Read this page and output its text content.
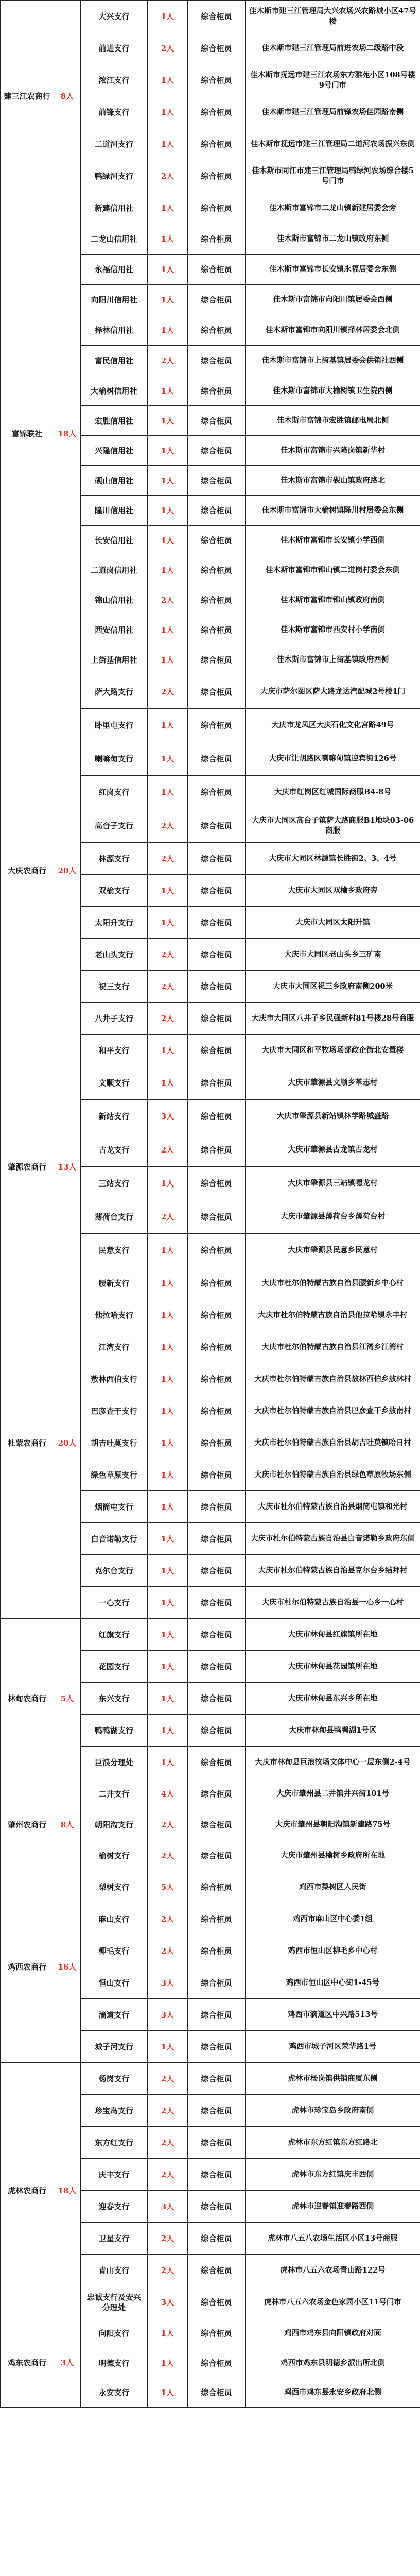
建三江农商行	8人	大兴支行	1人	综合柜员	佳木斯市建三江管理局大兴农场兴农路城小区47号楼
		前进支行	2人	综合柜员	佳木斯市建三江管理局前进农场二级路中段
		浓江支行	1人	综合柜员	佳木斯市抚远市建三江农场东方雅苑小区108号楼9号门市
		前锋支行	1人	综合柜员	佳木斯市建三江管理局前锋农场佳园路南侧
		二道河支行	1人	综合柜员	佳木斯市抚远市建三江管理局二道河农场振兴东侧
		鸭绿河支行	2人	综合柜员	佳木斯市同江市建三江管理局鸭绿河农场综合楼5号门市
富锦联社	18人	新建信用社	1人	综合柜员	佳木斯市富锦市二龙山镇新建居委会旁
		二龙山信用社	1人	综合柜员	佳木斯市富锦市二龙山镇政府东侧
		永福信用社	1人	综合柜员	佳木斯市富锦市长安镇永福居委会东侧
		向阳川信用社	1人	综合柜员	佳木斯市富锦市向阳川镇居委会西侧
		择林信用社	1人	综合柜员	佳木斯市富锦市向阳川镇择林居委会北侧
		富民信用社	2人	综合柜员	佳木斯市富锦市上街基镇居委会供销社西侧
		大榆树信用社	1人	综合柜员	佳木斯市富锦市大榆树镇卫生院西侧
		宏胜信用社	1人	综合柜员	佳木斯市富锦市宏胜镇邮电局北侧
		兴隆信用社	1人	综合柜员	佳木斯市富锦市兴隆岗镇新华村
		砚山信用社	1人	综合柜员	佳木斯市富锦市砚山镇政府路北
		隆川信用社	1人	综合柜员	佳木斯市富锦市大榆树镇隆川村居委会东侧
		长安信用社	1人	综合柜员	佳木斯市富锦市长安镇小学西侧
		二道岗信用社	1人	综合柜员	佳木斯市富锦市锦山镇二道岗村委会东侧
		锦山信用社	2人	综合柜员	佳木斯市富锦市锦山镇政府南侧
		西安信用社	1人	综合柜员	佳木斯市富锦市西安村小学南侧
		上街基信用社	1人	综合柜员	佳木斯市富锦市上街基镇政府西侧
大庆农商行	20人	萨大路支行	2人	综合柜员	大庆市萨尔图区萨大路龙达汽配城2号楼1门
		卧里屯支行	1人	综合柜员	大庆市龙凤区大庆石化文化宫路49号
		喇嘛甸支行	1人	综合柜员	大庆市让胡路区喇嘛甸镇迎宾街126号
		红岗支行	1人	综合柜员	大庆市红岗区红城国际商服B4-8号
		高台子支行	2人	综合柜员	大庆市大同区高台子镇萨大路商服B1地块03-06商服
		林源支行	2人	综合柜员	大庆市大同区林源镇长胜街2、3、4号
		双榆支行	1人	综合柜员	大庆市大同区双榆乡政府旁
		太阳升支行	1人	综合柜员	大庆市大同区太阳升镇
		老山头支行	2人	综合柜员	大庆市大同区老山头乡三矿南
		祝三支行	2人	综合柜员	大庆市大同区祝三乡政府南侧200米
		八井子支行	2人	综合柜员	大庆市大同区八井子乡民强新村81号楼28号商服
		和平支行	1人	综合柜员	大庆市大同区和平牧场场部政企街北安置楼
肇源农商行	13人	文顺支行	1人	综合柜员	大庆市肇源县文顺乡革志村
		新站支行	3人	综合柜员	大庆市肇源县新站镇林学路城盛路
		古龙支行	2人	综合柜员	大庆市肇源县古龙镇古龙村
		三站支行	1人	综合柜员	大庆市肇源县三站镇嘿龙村
		薄荷台支行	2人	综合柜员	大庆市肇源县薄荷台乡薄荷台村
		民意支行	1人	综合柜员	大庆市肇源县民意乡民意村
杜蒙农商行	20人	腰新支行	1人	综合柜员	大庆市杜尔伯特蒙古族自治县腰新乡中心村
		他拉哈支行	1人	综合柜员	大庆市杜尔伯特蒙古族自治县他拉哈镇永丰村
		江湾支行	1人	综合柜员	大庆市杜尔伯特蒙古族自治县江湾乡江湾村
		敖林西伯支行	1人	综合柜员	大庆市杜尔伯特蒙古族自治县敖林西伯乡敖林村
		巴彦查干支行	1人	综合柜员	大庆市杜尔伯特蒙古族自治县巴彦查干乡敖南村
		胡吉吐莫支行	1人	综合柜员	大庆市杜尔伯特蒙古族自治县胡吉吐莫镇哈日村
		绿色草原支行	1人	综合柜员	大庆市杜尔伯特蒙古族自治县绿色草原牧场东侧
		烟筒屯支行	1人	综合柜员	大庆市杜尔伯特蒙古族自治县烟筒屯镇和光村
		白音诺勒支行	1人	综合柜员	大庆市杜尔伯特蒙古族自治县白音诺勒乡政府东侧
		克尔台支行	1人	综合柜员	大庆市杜尔伯特蒙古族自治县克尔台乡结拜村
		一心支行	1人	综合柜员	大庆市杜尔伯特蒙古族自治县一心乡一心村
林甸农商行	5人	红旗支行	1人	综合柜员	大庆市林甸县红旗镇所在地
		花园支行	1人	综合柜员	大庆市林甸县花园镇所在地
		东兴支行	1人	综合柜员	大庆市林甸县东兴乡所在地
		鸭鸭湖支行	1人	综合柜员	大庆市林甸县鸭鸭湖1号区
		巨浪分理处	1人	综合柜员	大庆市林甸县巨浪牧场文体中心一层东侧2-4号
肇州农商行	8人	二井支行	4人	综合柜员	大庆市肇州县二井镇井兴街101号
		朝阳沟支行	2人	综合柜员	大庆市肇州县朝阳沟镇新建路75号
		榆树支行	2人	综合柜员	大庆市肇州县榆树乡政府所在地
鸡西农商行	16人	梨树支行	5人	综合柜员	鸡西市梨树区人民街
		麻山支行	2人	综合柜员	鸡西市麻山区中心委1组
		柳毛支行	2人	综合柜员	鸡西市恒山区柳毛乡中心村
		恒山支行	3人	综合柜员	鸡西市恒山区中心街1-45号
		滴道支行	3人	综合柜员	鸡西市滴道区中兴路513号
		城子河支行	1人	综合柜员	鸡西市城子河区荣华路1号
虎林农商行	18人	杨岗支行	2人	综合柜员	虎林市杨岗镇供销商厦东侧
		珍宝岛支行	2人	综合柜员	虎林市珍宝岛乡政府南侧
		东方红支行	2人	综合柜员	虎林市东方红镇东方红路北
		庆丰支行	2人	综合柜员	虎林市东方红镇庆丰西侧
		迎春支行	3人	综合柜员	虎林市迎春镇迎春路西侧
		卫星支行	2人	综合柜员	虎林市八五八农场生活区小区13号商服
		青山支行	2人	综合柜员	虎林市八五六农场青山路122号
		忠诚支行及安兴分理处	3人	综合柜员	虎林市八五六农场金色家园小区11号门市
鸡东农商行	3人	向阳支行	1人	综合柜员	鸡西市鸡东县向阳镇政府对面
		明德支行	1人	综合柜员	鸡西市鸡东县明德乡派出所北侧
		永安支行	1人	综合柜员	鸡西市鸡东县永安乡政府北侧
